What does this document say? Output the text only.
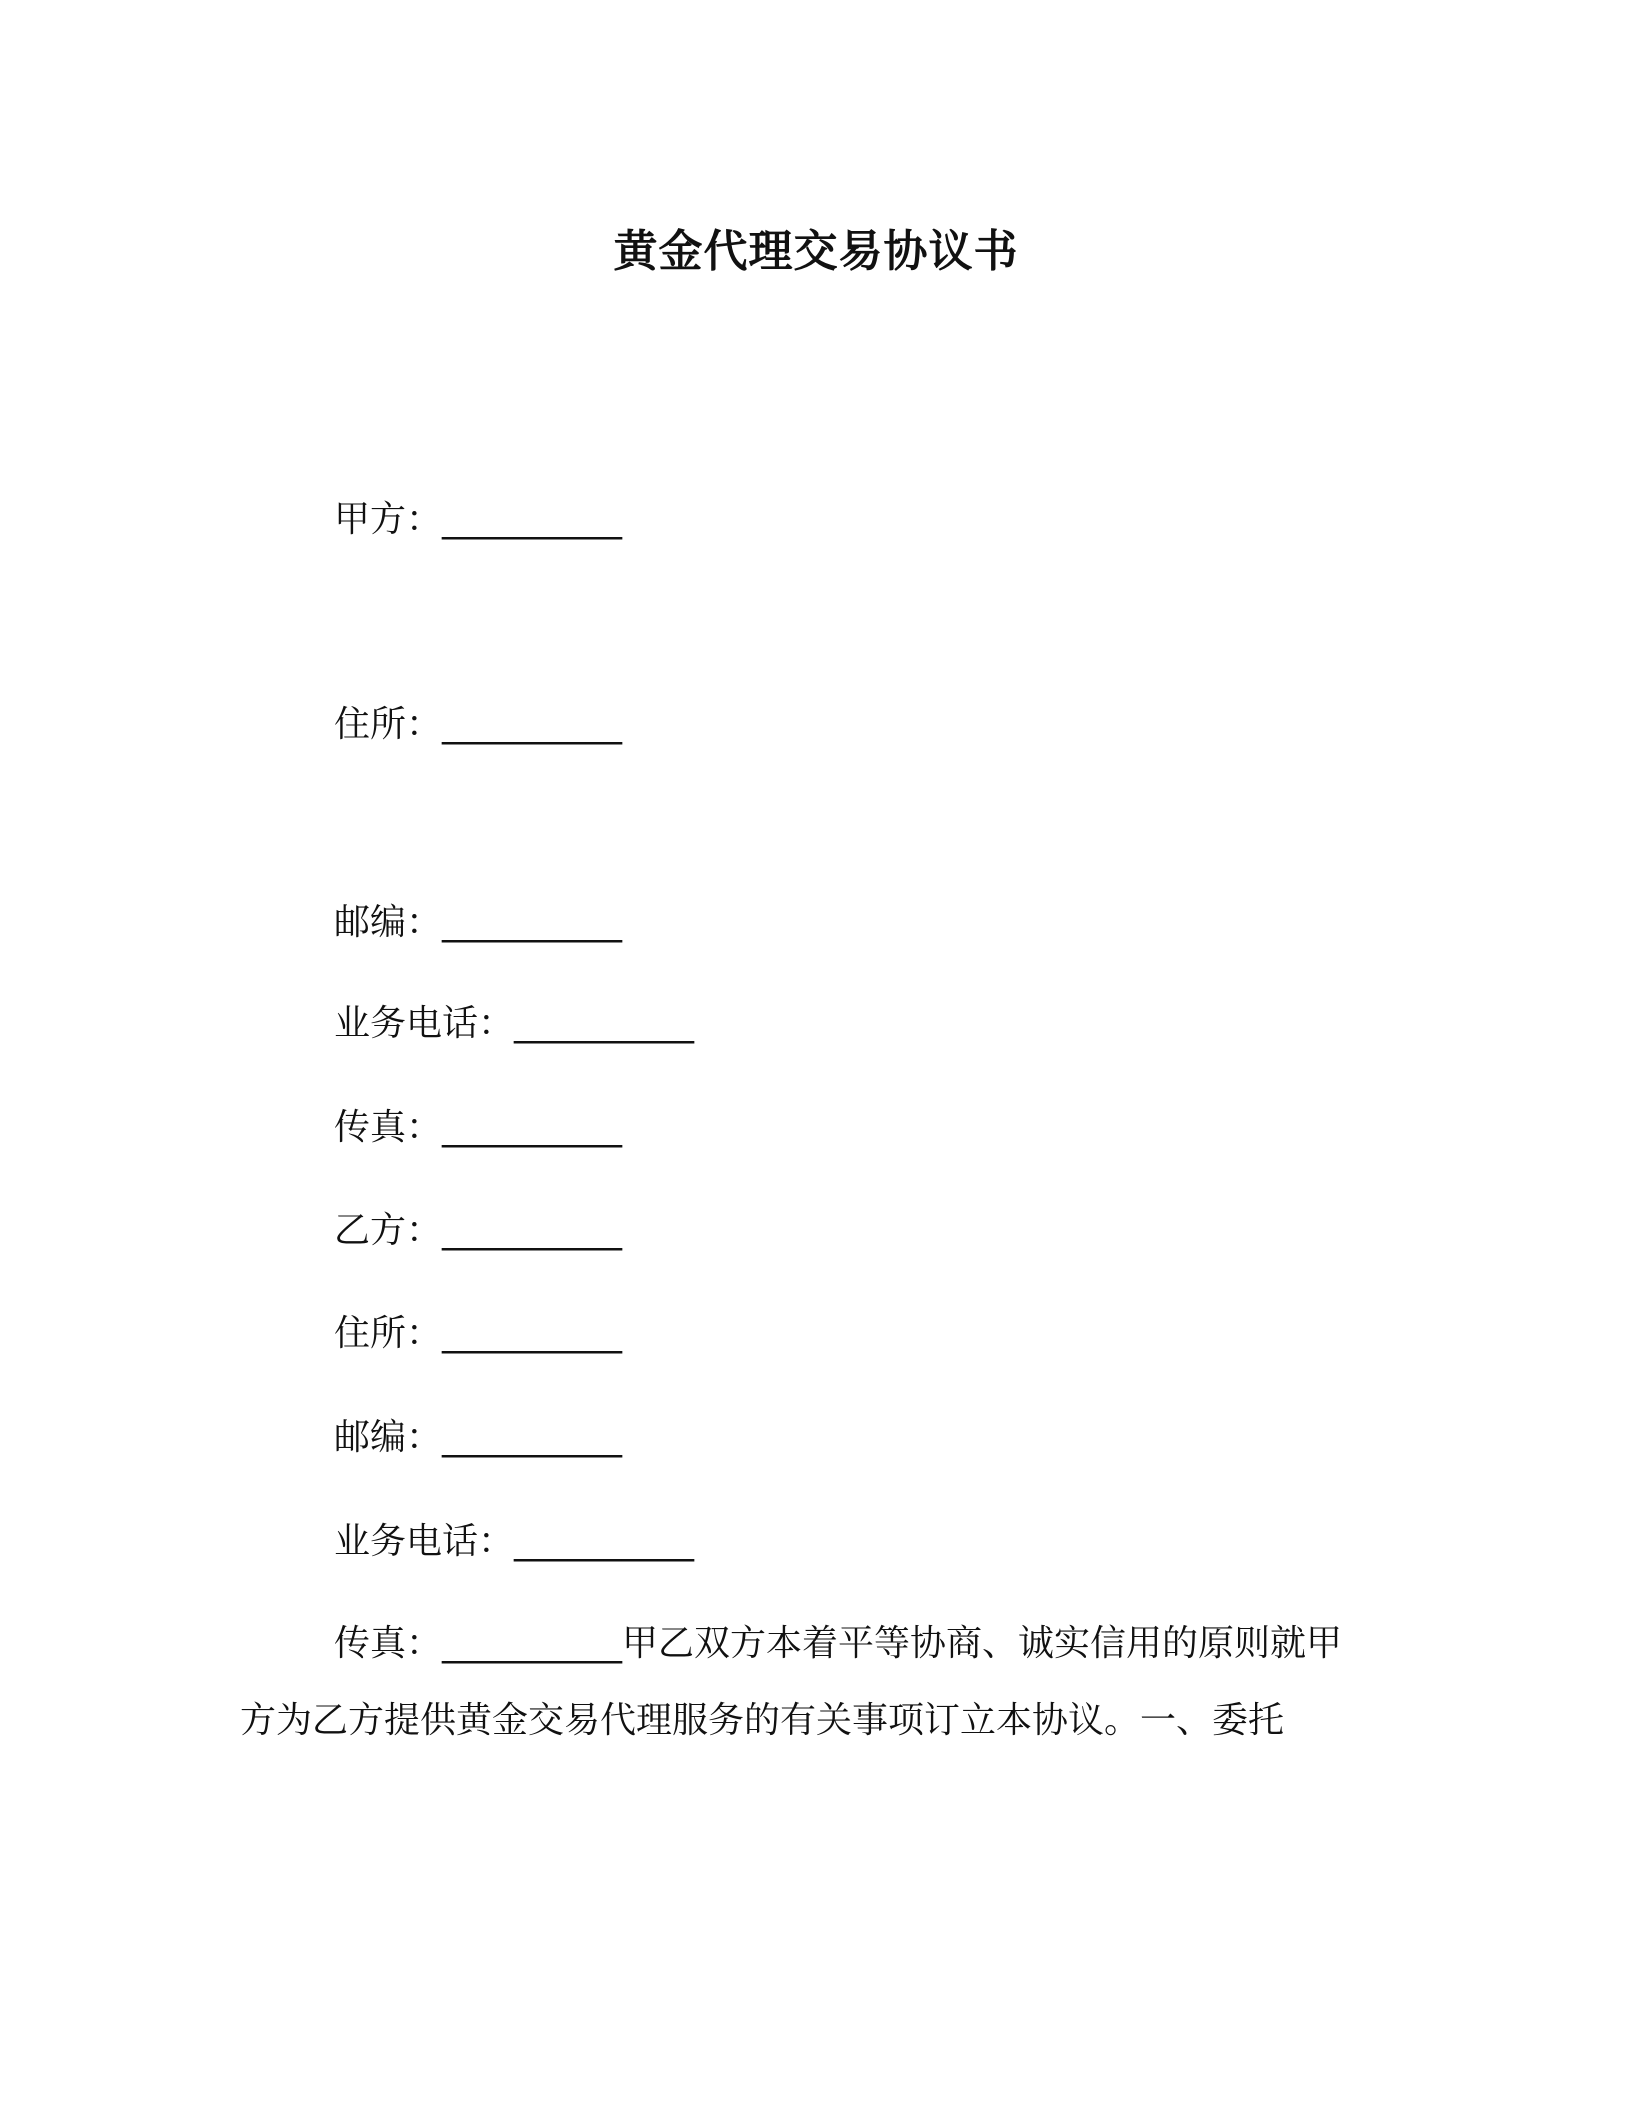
黄金代理交易协议书
甲方：__________
住所：__________
邮编：__________
业务电话：__________
传真：__________
乙方：__________
住所：__________
邮编：__________
业务电话：__________
传真：__________甲乙双方本着平等协商、诚实信用的原则就甲
方为乙方提供黄金交易代理服务的有关事项订立本协议。一、委托
